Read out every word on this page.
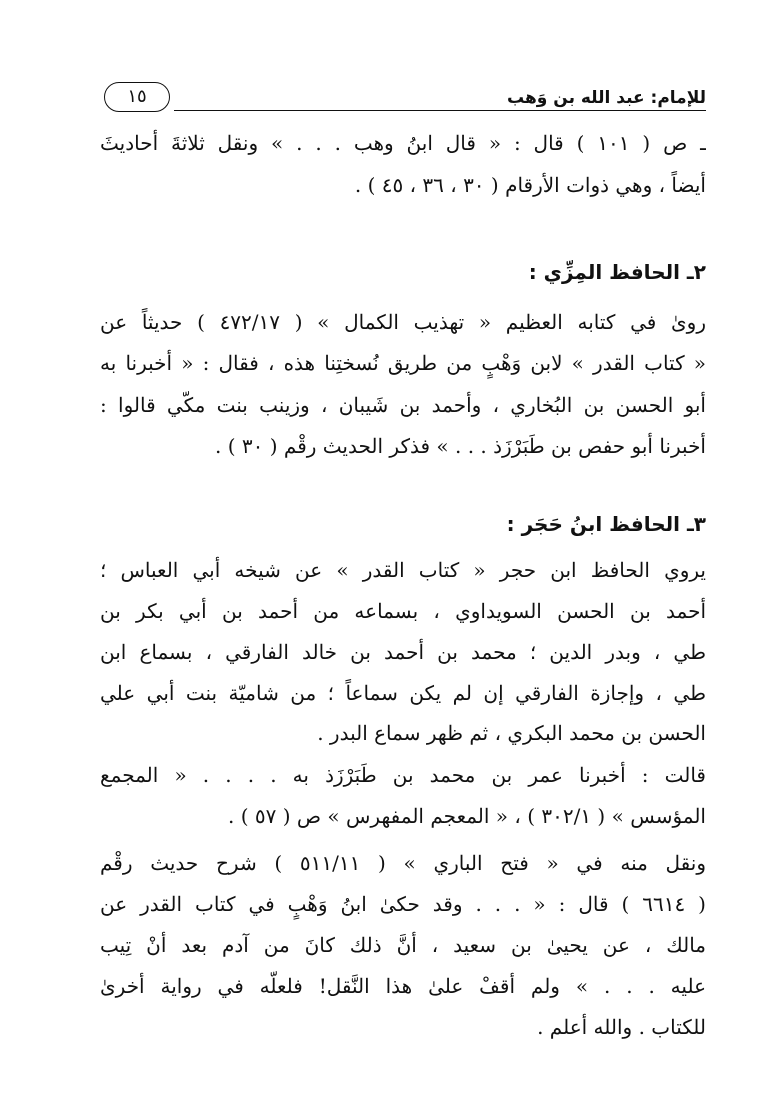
١٥	للإمام: عبد الله بن وَهب
ـ ص ( ١٠١ ) قال : « قال ابنُ وهب . . . » ونقل ثلاثةَ أحاديثَ
أيضاً ، وهي ذوات الأرقام ( ٣٠ ، ٣٦ ، ٤٥ ) .
٢ـ الحافظ المِزِّي :
روىٰ في كتابه العظيم « تهذيب الكمال » ( ٤٧٢/١٧ ) حديثاً عن
« كتاب القدر » لابن وَهْبٍ من طريق نُسختِنا هذه ، فقال : « أخبرنا به
أبو الحسن بن البُخاري ، وأحمد بن شَيبان ، وزينب بنت مكّي قالوا :
أخبرنا أبو حفص بن طَبَرْزَذ . . . » فذكر الحديث رقْم ( ٣٠ ) .
٣ـ الحافظ ابنُ حَجَر :
يروي الحافظ ابن حجر « كتاب القدر » عن شيخه أبي العباس ؛
أحمد بن الحسن السويداوي ، بسماعه من أحمد بن أبي بكر بن
طي ، وبدر الدين ؛ محمد بن أحمد بن خالد الفارقي ، بسماع ابن
طي ، وإجازة الفارقي إن لم يكن سماعاً ؛ من شاميّة بنت أبي علي
الحسن بن محمد البكري ، ثم ظهر سماع البدر .
قالت : أخبرنا عمر بن محمد بن طَبَرْزَذ به . . . . « المجمع
المؤسس » ( ٣٠٢/١ ) ، « المعجم المفهرس » ص ( ٥٧ ) .
ونقل منه في « فتح الباري » ( ٥١١/١١ ) شرح حديث رقْم
( ٦٦١٤ ) قال : « . . . وقد حكىٰ ابنُ وَهْبٍ في كتاب القدر عن
مالك ، عن يحيىٰ بن سعيد ، أنَّ ذلك كانَ من آدم بعد أنْ تِيب
عليه . . . » ولم أقفْ علىٰ هذا النَّقل! فلعلّه في رواية أخرىٰ
للكتاب . والله أعلم .
